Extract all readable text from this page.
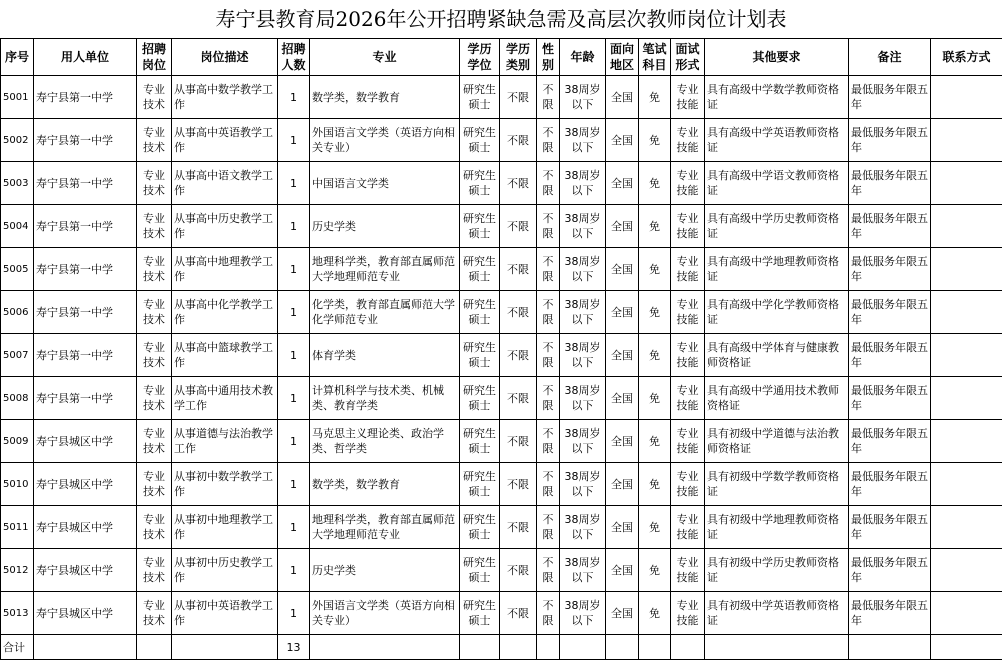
寿宁县教育局2026年公开招聘紧缺急需及高层次教师岗位计划表
序号	用人单位	招聘岗位	岗位描述	招聘人数	专业	学历学位	学历类别	性别	年龄	面向地区	笔试科目	面试形式	其他要求	备注	联系方式
5001	寿宁县第一中学	专业技术	从事高中数学教学工作	1	数学类，数学教育	研究生硕士	不限	不限	38周岁以下	全国	免	专业技能	具有高级中学数学教师资格证	最低服务年限五年	
5002	寿宁县第一中学	专业技术	从事高中英语教学工作	1	外国语言文学类（英语方向相关专业）	研究生硕士	不限	不限	38周岁以下	全国	免	专业技能	具有高级中学英语教师资格证	最低服务年限五年	
5003	寿宁县第一中学	专业技术	从事高中语文教学工作	1	中国语言文学类	研究生硕士	不限	不限	38周岁以下	全国	免	专业技能	具有高级中学语文教师资格证	最低服务年限五年	
5004	寿宁县第一中学	专业技术	从事高中历史教学工作	1	历史学类	研究生硕士	不限	不限	38周岁以下	全国	免	专业技能	具有高级中学历史教师资格证	最低服务年限五年	
5005	寿宁县第一中学	专业技术	从事高中地理教学工作	1	地理科学类，教育部直属师范大学地理师范专业	研究生硕士	不限	不限	38周岁以下	全国	免	专业技能	具有高级中学地理教师资格证	最低服务年限五年	
5006	寿宁县第一中学	专业技术	从事高中化学教学工作	1	化学类，教育部直属师范大学化学师范专业	研究生硕士	不限	不限	38周岁以下	全国	免	专业技能	具有高级中学化学教师资格证	最低服务年限五年	
5007	寿宁县第一中学	专业技术	从事高中篮球教学工作	1	体育学类	研究生硕士	不限	不限	38周岁以下	全国	免	专业技能	具有高级中学体育与健康教师资格证	最低服务年限五年	
5008	寿宁县第一中学	专业技术	从事高中通用技术教学工作	1	计算机科学与技术类、机械类、教育学类	研究生硕士	不限	不限	38周岁以下	全国	免	专业技能	具有高级中学通用技术教师资格证	最低服务年限五年	
5009	寿宁县城区中学	专业技术	从事道德与法治教学工作	1	马克思主义理论类、政治学类、哲学类	研究生硕士	不限	不限	38周岁以下	全国	免	专业技能	具有初级中学道德与法治教师资格证	最低服务年限五年	
5010	寿宁县城区中学	专业技术	从事初中数学教学工作	1	数学类，数学教育	研究生硕士	不限	不限	38周岁以下	全国	免	专业技能	具有初级中学数学教师资格证	最低服务年限五年	
5011	寿宁县城区中学	专业技术	从事初中地理教学工作	1	地理科学类，教育部直属师范大学地理师范专业	研究生硕士	不限	不限	38周岁以下	全国	免	专业技能	具有初级中学地理教师资格证	最低服务年限五年	
5012	寿宁县城区中学	专业技术	从事初中历史教学工作	1	历史学类	研究生硕士	不限	不限	38周岁以下	全国	免	专业技能	具有初级中学历史教师资格证	最低服务年限五年	
5013	寿宁县城区中学	专业技术	从事初中英语教学工作	1	外国语言文学类（英语方向相关专业）	研究生硕士	不限	不限	38周岁以下	全国	免	专业技能	具有初级中学英语教师资格证	最低服务年限五年	
合计				13											
